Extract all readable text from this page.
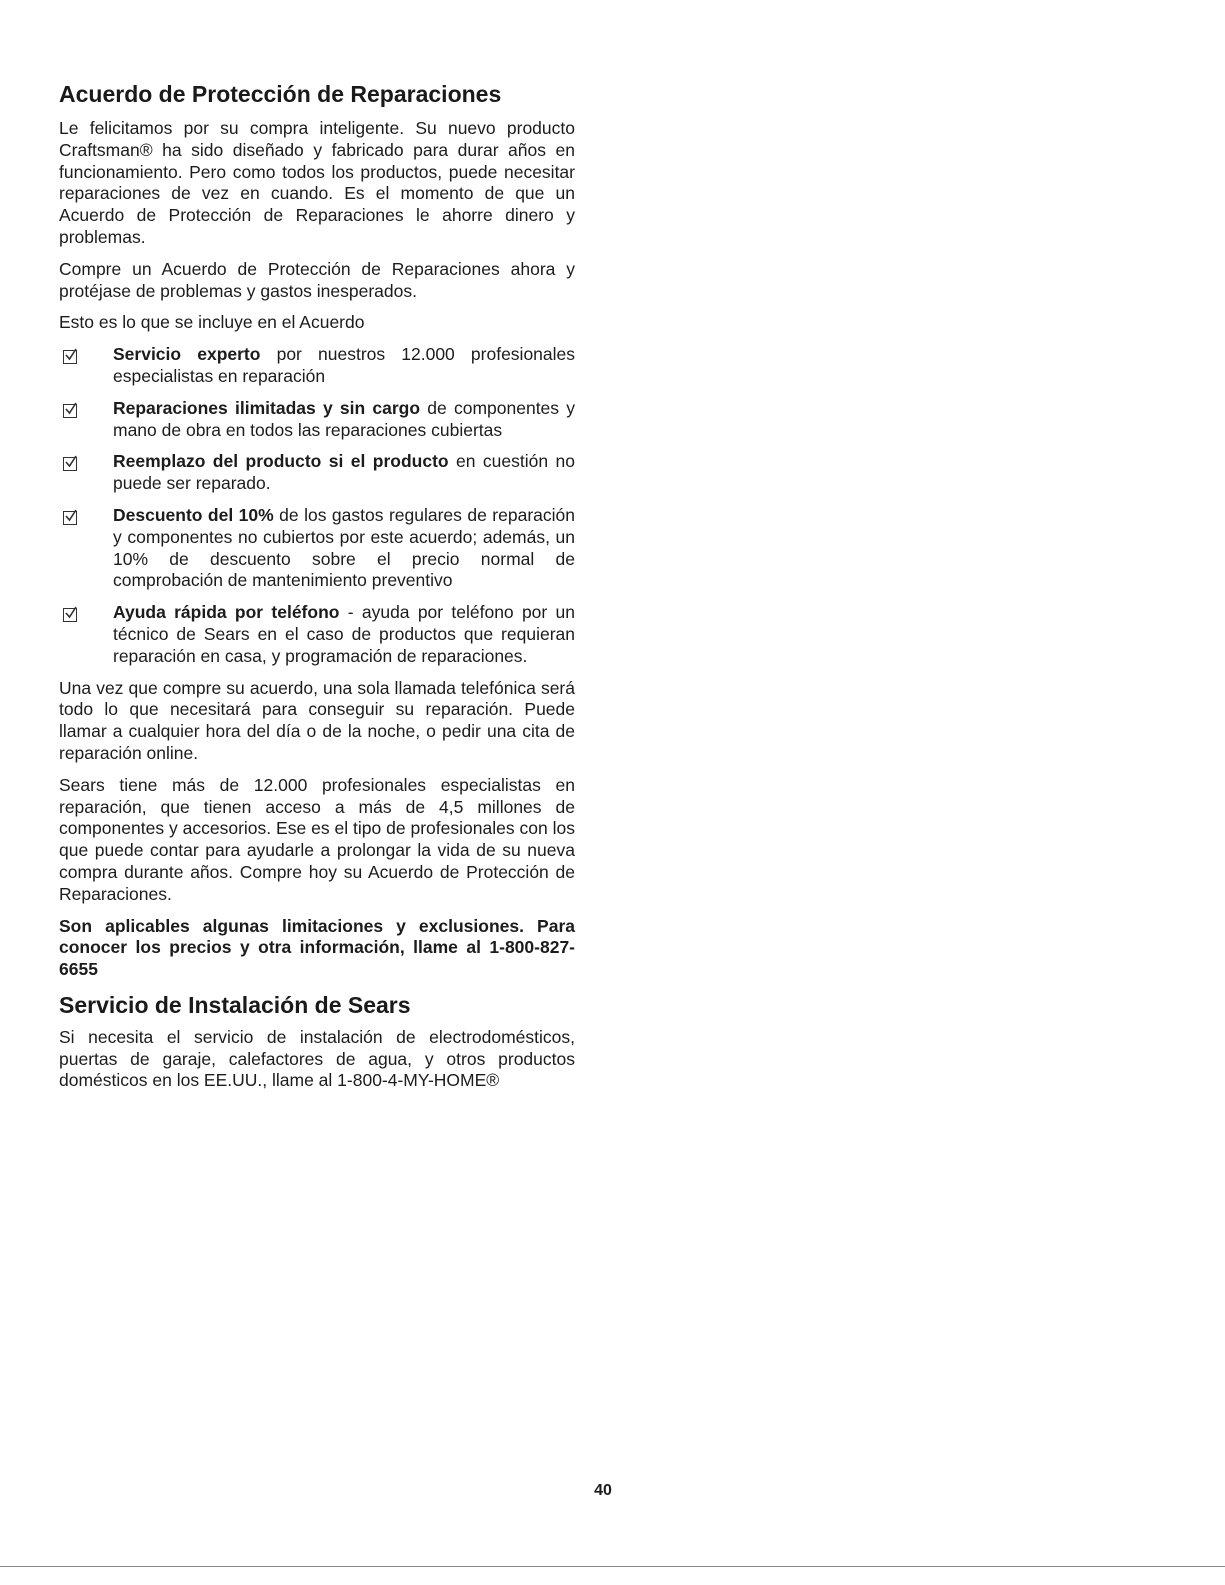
Acuerdo de Protección de Reparaciones

Le felicitamos por su compra inteligente. Su nuevo producto Craftsman® ha sido diseñado y fabricado para durar años en funcionamiento. Pero como todos los productos, puede necesitar reparaciones de vez en cuando. Es el momento de que un Acuerdo de Protección de Reparaciones le ahorre dinero y problemas.

Compre un Acuerdo de Protección de Reparaciones ahora y protéjase de problemas y gastos inesperados.

Esto es lo que se incluye en el Acuerdo

Servicio experto por nuestros 12.000 profesionales especialistas en reparación
Reparaciones ilimitadas y sin cargo de componentes y mano de obra en todos las reparaciones cubiertas
Reemplazo del producto si el producto en cuestión no puede ser reparado.
Descuento del 10% de los gastos regulares de reparación y componentes no cubiertos por este acuerdo; además, un 10% de descuento sobre el precio normal de comprobación de mantenimiento preventivo
Ayuda rápida por teléfono - ayuda por teléfono por un técnico de Sears en el caso de productos que requieran reparación en casa, y programación de reparaciones.

Una vez que compre su acuerdo, una sola llamada telefónica será todo lo que necesitará para conseguir su reparación. Puede llamar a cualquier hora del día o de la noche, o pedir una cita de reparación online.

Sears tiene más de 12.000 profesionales especialistas en reparación, que tienen acceso a más de 4,5 millones de componentes y accesorios. Ese es el tipo de profesionales con los que puede contar para ayudarle a prolongar la vida de su nueva compra durante años. Compre hoy su Acuerdo de Protección de Reparaciones.

Son aplicables algunas limitaciones y exclusiones. Para conocer los precios y otra información, llame al 1-800-827-6655

Servicio de Instalación de Sears

Si necesita el servicio de instalación de electrodomésticos, puertas de garaje, calefactores de agua, y otros productos domésticos en los EE.UU., llame al 1-800-4-MY-HOME®

40
